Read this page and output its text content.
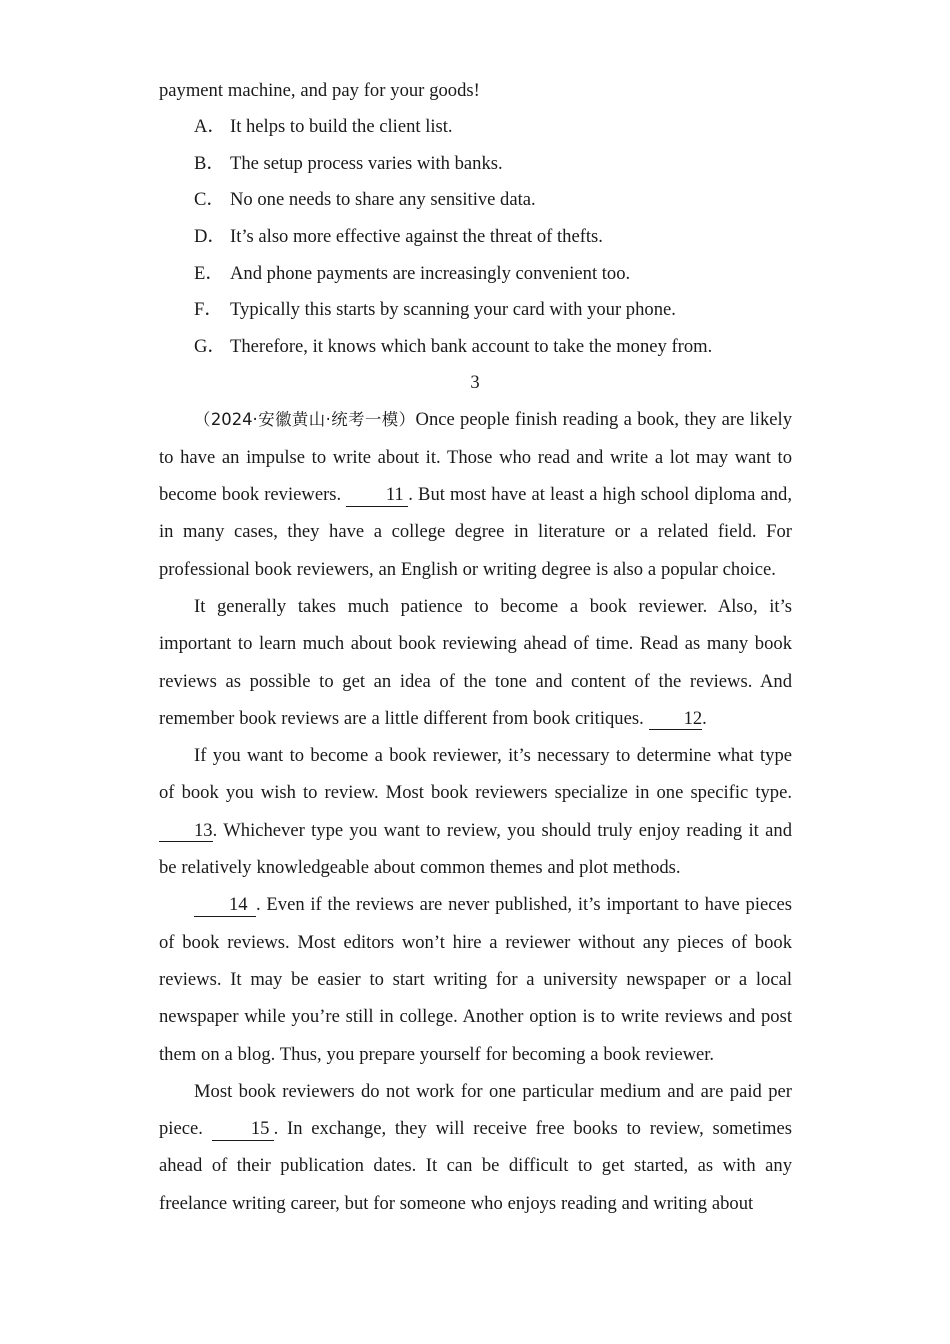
payment machine, and pay for your goods!

A． It helps to build the client list.
B． The setup process varies with banks.
C． No one needs to share any sensitive data.
D． It’s also more effective against the threat of thefts.
E． And phone payments are increasingly convenient too.
F． Typically this starts by scanning your card with your phone.
G． Therefore, it knows which bank account to take the money from.

3

（2024·安徽黄山·统考一模）Once people finish reading a book, they are likely to have an impulse to write about it. Those who read and write a lot may want to become book reviewers. 11 . But most have at least a high school diploma and, in many cases, they have a college degree in literature or a related field. For professional book reviewers, an English or writing degree is also a popular choice.

It generally takes much patience to become a book reviewer. Also, it’s important to learn much about book reviewing ahead of time. Read as many book reviews as possible to get an idea of the tone and content of the reviews. And remember book reviews are a little different from book critiques. 12.

If you want to become a book reviewer, it’s necessary to determine what type of book you wish to review. Most book reviewers specialize in one specific type. 13. Whichever type you want to review, you should truly enjoy reading it and be relatively knowledgeable about common themes and plot methods.

14 . Even if the reviews are never published, it’s important to have pieces of book reviews. Most editors won’t hire a reviewer without any pieces of book reviews. It may be easier to start writing for a university newspaper or a local newspaper while you’re still in college. Another option is to write reviews and post them on a blog. Thus, you prepare yourself for becoming a book reviewer.

Most book reviewers do not work for one particular medium and are paid per piece. 15 . In exchange, they will receive free books to review, sometimes ahead of their publication dates. It can be difficult to get started, as with any freelance writing career, but for someone who enjoys reading and writing about
